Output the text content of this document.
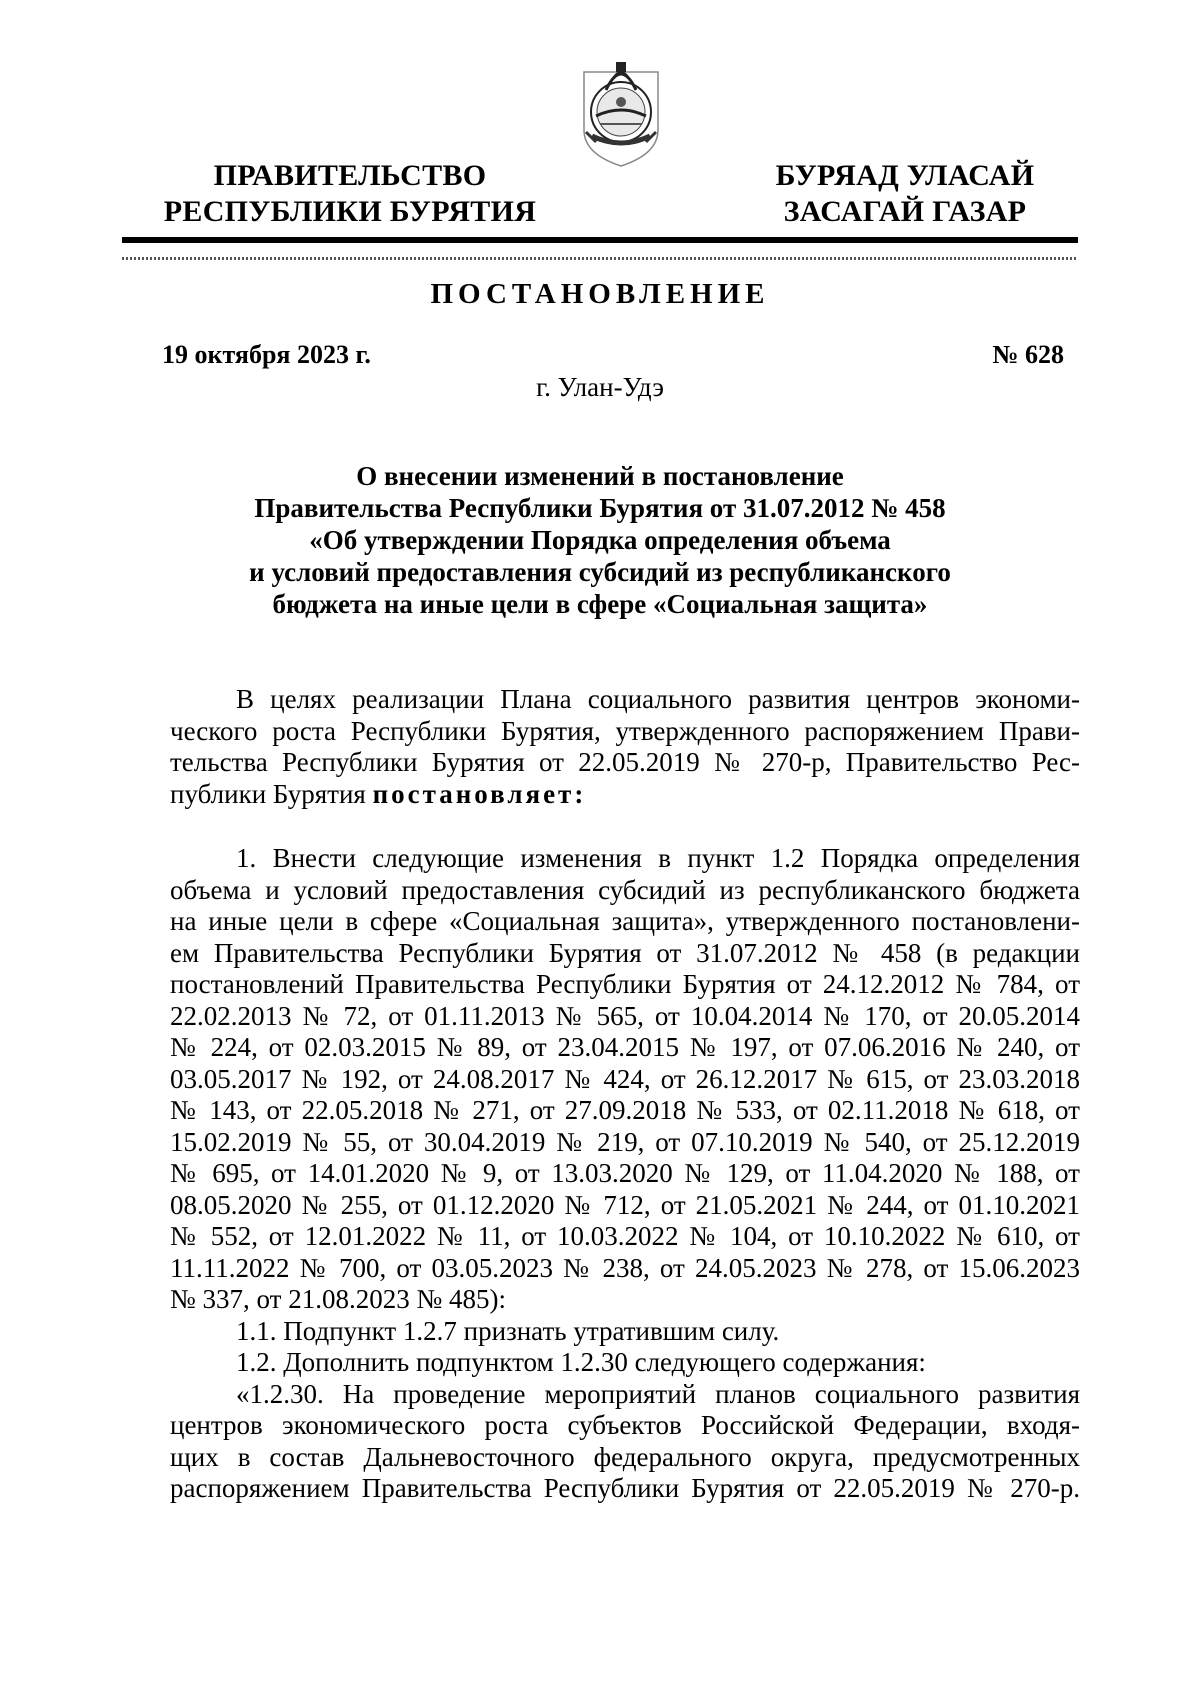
ПРАВИТЕЛЬСТВО
РЕСПУБЛИКИ БУРЯТИЯ
БУРЯАД УЛАСАЙ
ЗАСАГАЙ ГАЗАР
ПОСТАНОВЛЕНИЕ
19 октября 2023 г.	№ 628
г. Улан-Удэ
О внесении изменений в постановление
Правительства Республики Бурятия от 31.07.2012 № 458
«Об утверждении Порядка определения объема
и условий предоставления субсидий из республиканского
бюджета на иные цели в сфере «Социальная защита»
В целях реализации Плана социального развития центров экономи-
ческого роста Республики Бурятия, утвержденного распоряжением Прави-
тельства Республики Бурятия от 22.05.2019 № 270-р, Правительство Рес-
публики Бурятия постановляет:
1. Внести следующие изменения в пункт 1.2 Порядка определения
объема и условий предоставления субсидий из республиканского бюджета
на иные цели в сфере «Социальная защита», утвержденного постановлени-
ем Правительства Республики Бурятия от 31.07.2012 № 458 (в редакции
постановлений Правительства Республики Бурятия от 24.12.2012 № 784, от
22.02.2013 № 72, от 01.11.2013 № 565, от 10.04.2014 № 170, от 20.05.2014
№ 224, от 02.03.2015 № 89, от 23.04.2015 № 197, от 07.06.2016 № 240, от
03.05.2017 № 192, от 24.08.2017 № 424, от 26.12.2017 № 615, от 23.03.2018
№ 143, от 22.05.2018 № 271, от 27.09.2018 № 533, от 02.11.2018 № 618, от
15.02.2019 № 55, от 30.04.2019 № 219, от 07.10.2019 № 540, от 25.12.2019
№ 695, от 14.01.2020 № 9, от 13.03.2020 № 129, от 11.04.2020 № 188, от
08.05.2020 № 255, от 01.12.2020 № 712, от 21.05.2021 № 244, от 01.10.2021
№ 552, от 12.01.2022 № 11, от 10.03.2022 № 104, от 10.10.2022 № 610, от
11.11.2022 № 700, от 03.05.2023 № 238, от 24.05.2023 № 278, от 15.06.2023
№ 337, от 21.08.2023 № 485):
1.1. Подпункт 1.2.7 признать утратившим силу.
1.2. Дополнить подпунктом 1.2.30 следующего содержания:
«1.2.30. На проведение мероприятий планов социального развития
центров экономического роста субъектов Российской Федерации, входя-
щих в состав Дальневосточного федерального округа, предусмотренных
распоряжением Правительства Республики Бурятия от 22.05.2019 № 270-р.
